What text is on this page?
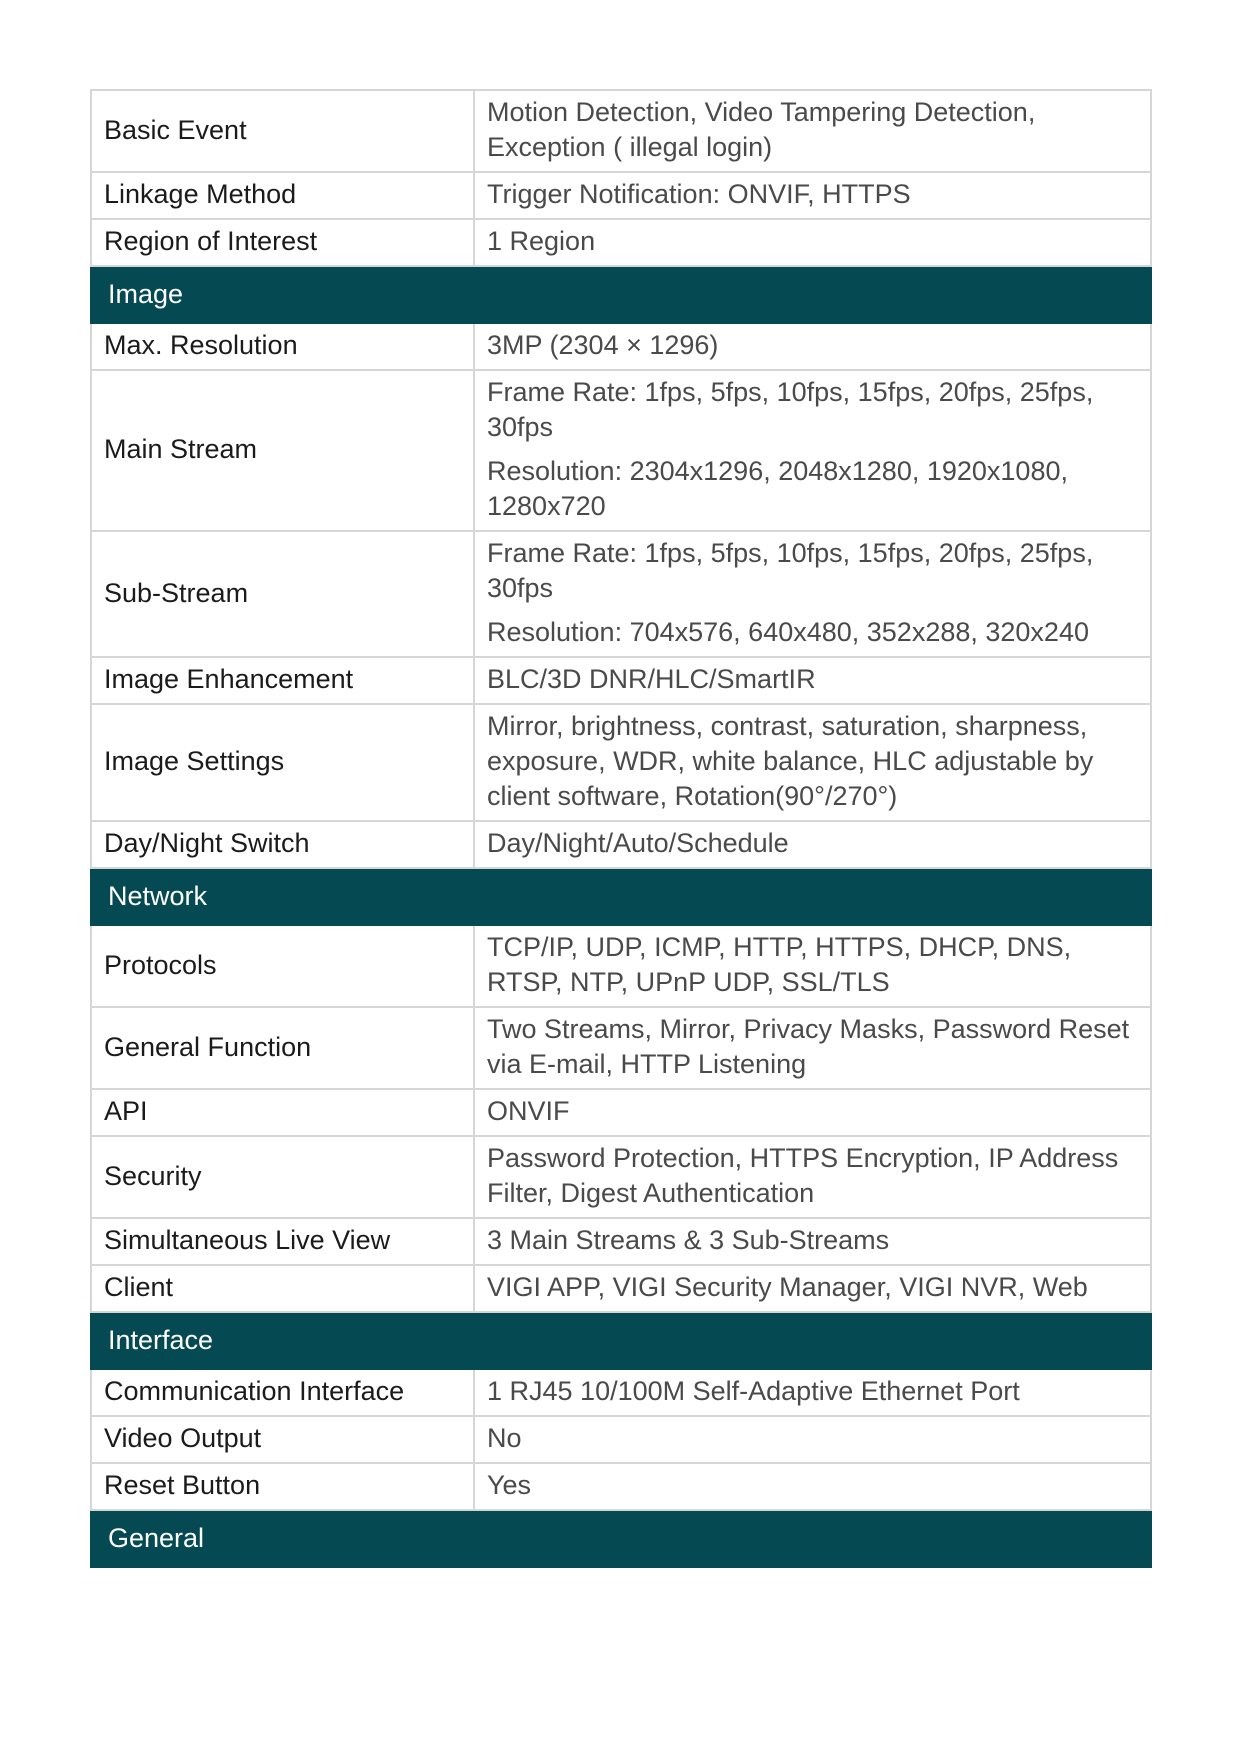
Basic Event	Motion Detection, Video Tampering Detection, Exception ( illegal login)

Linkage Method	Trigger Notification: ONVIF, HTTPS

Region of Interest	1 Region

Image	
Max. Resolution	3MP (2304 × 1296)

Main Stream	Frame Rate: 1fps, 5fps, 10fps, 15fps, 20fps, 25fps, 30fps
Resolution: 2304x1296, 2048x1280, 1920x1080, 1280x720

Sub-Stream	Frame Rate: 1fps, 5fps, 10fps, 15fps, 20fps, 25fps, 30fps
Resolution: 704x576, 640x480, 352x288, 320x240

Image Enhancement	BLC/3D DNR/HLC/SmartIR

Image Settings	Mirror, brightness, contrast, saturation, sharpness, exposure, WDR, white balance, HLC adjustable by client software, Rotation(90°/270°)

Day/Night Switch	Day/Night/Auto/Schedule

Network	
Protocols	TCP/IP, UDP, ICMP, HTTP, HTTPS, DHCP, DNS, RTSP, NTP, UPnP UDP, SSL/TLS

General Function	Two Streams, Mirror, Privacy Masks, Password Reset via E-mail, HTTP Listening

API	ONVIF

Security	Password Protection, HTTPS Encryption, IP Address Filter, Digest Authentication

Simultaneous Live View	3 Main Streams & 3 Sub-Streams

Client	VIGI APP, VIGI Security Manager, VIGI NVR, Web

Interface	
Communication Interface	1 RJ45 10/100M Self-Adaptive Ethernet Port

Video Output	No

Reset Button	Yes

General	
